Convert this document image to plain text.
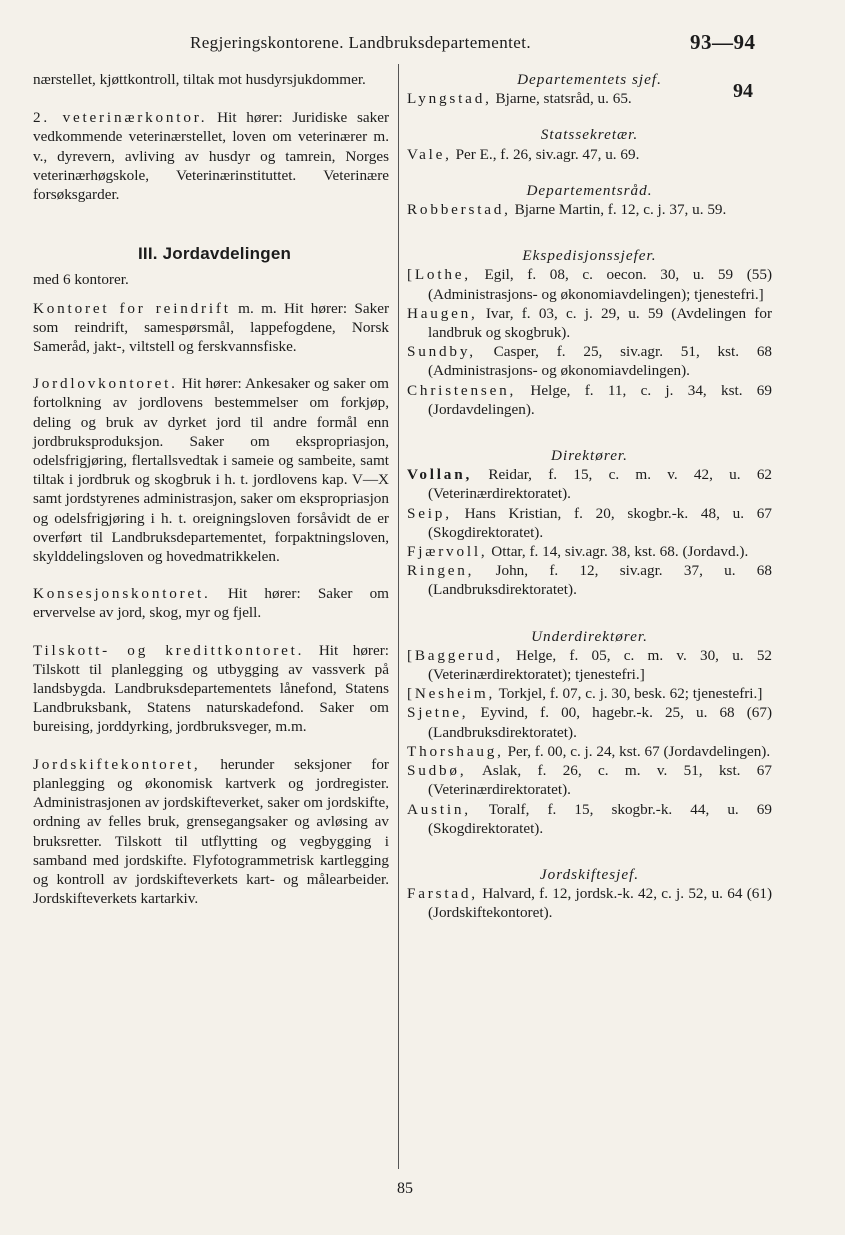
Regjeringskontorene. Landbruksdepartementet.	93—94

nærstellet, kjøttkontroll, tiltak mot husdyrsjukdommer.

2. veterinærkontor. Hit hører: Juridiske saker vedkommende veterinærstellet, loven om veterinærer m. v., dyrevern, avliving av husdyr og tamrein, Norges veterinærhøgskole, Veterinærinstituttet. Veterinære forsøksgarder.

III. Jordavdelingen

med 6 kontorer.

Kontoret for reindrift m. m. Hit hører: Saker som reindrift, samespørsmål, lappefogdene, Norsk Sameråd, jakt-, viltstell og ferskvannsfiske.

Jordlovkontoret. Hit hører: Ankesaker og saker om fortolkning av jordlovens bestemmelser om forkjøp, deling og bruk av dyrket jord til andre formål enn jordbruksproduksjon. Saker om ekspropriasjon, odelsfrigjøring, flertallsvedtak i sameie og sambeite, samt tiltak i jordbruk og skogbruk i h. t. jordlovens kap. V—X samt jordstyrenes administrasjon, saker om ekspropriasjon og odelsfrigjøring i h. t. oreigningsloven forsåvidt de er overført til Landbruksdepartementet, forpaktningsloven, skylddelingsloven og hovedmatrikkelen.

Konsesjonskontoret. Hit hører: Saker om ervervelse av jord, skog, myr og fjell.

Tilskott- og kredittkontoret. Hit hører: Tilskott til planlegging og utbygging av vassverk på landsbygda. Landbruksdepartementets lånefond, Statens Landbruksbank, Statens naturskadefond. Saker om bureising, jorddyrking, jordbruksveger, m.m.

Jordskiftekontoret, herunder seksjoner for planlegging og økonomisk kartverk og jordregister. Administrasjonen av jordskifteverket, saker om jordskifte, ordning av felles bruk, grensegangsaker og avløsing av bruksretter. Tilskott til utflytting og vegbygging i samband med jordskifte. Flyfotogrammetrisk kartlegging og kontroll av jordskifteverkets kart- og målearbeider. Jordskifteverkets kartarkiv.

94

Departementets sjef.

Lyngstad, Bjarne, statsråd, u. 65.

Statssekretær.

Vale, Per E., f. 26, siv.agr. 47, u. 69.

Departementsråd.

Robberstad, Bjarne Martin, f. 12, c. j. 37, u. 59.

Ekspedisjonssjefer.

[Lothe, Egil, f. 08, c. oecon. 30, u. 59 (55) (Administrasjons- og økonomiavdelingen); tjenestefri.]

Haugen, Ivar, f. 03, c. j. 29, u. 59 (Avdelingen for landbruk og skogbruk).

Sundby, Casper, f. 25, siv.agr. 51, kst. 68 (Administrasjons- og økonomiavdelingen).

Christensen, Helge, f. 11, c. j. 34, kst. 69 (Jordavdelingen).

Direktører.

Vollan, Reidar, f. 15, c. m. v. 42, u. 62 (Veterinærdirektoratet).

Seip, Hans Kristian, f. 20, skogbr.-k. 48, u. 67 (Skogdirektoratet).

Fjærvoll, Ottar, f. 14, siv.agr. 38, kst. 68. (Jordavd.).

Ringen, John, f. 12, siv.agr. 37, u. 68 (Landbruksdirektoratet).

Underdirektører.

[Baggerud, Helge, f. 05, c. m. v. 30, u. 52 (Veterinærdirektoratet); tjenestefri.]

[Nesheim, Torkjel, f. 07, c. j. 30, besk. 62; tjenestefri.]

Sjetne, Eyvind, f. 00, hagebr.-k. 25, u. 68 (67) (Landbruksdirektoratet).

Thorshaug, Per, f. 00, c. j. 24, kst. 67 (Jordavdelingen).

Sudbø, Aslak, f. 26, c. m. v. 51, kst. 67 (Veterinærdirektoratet).

Austin, Toralf, f. 15, skogbr.-k. 44, u. 69 (Skogdirektoratet).

Jordskiftesjef.

Farstad, Halvard, f. 12, jordsk.-k. 42, c. j. 52, u. 64 (61) (Jordskiftekontoret).

85
